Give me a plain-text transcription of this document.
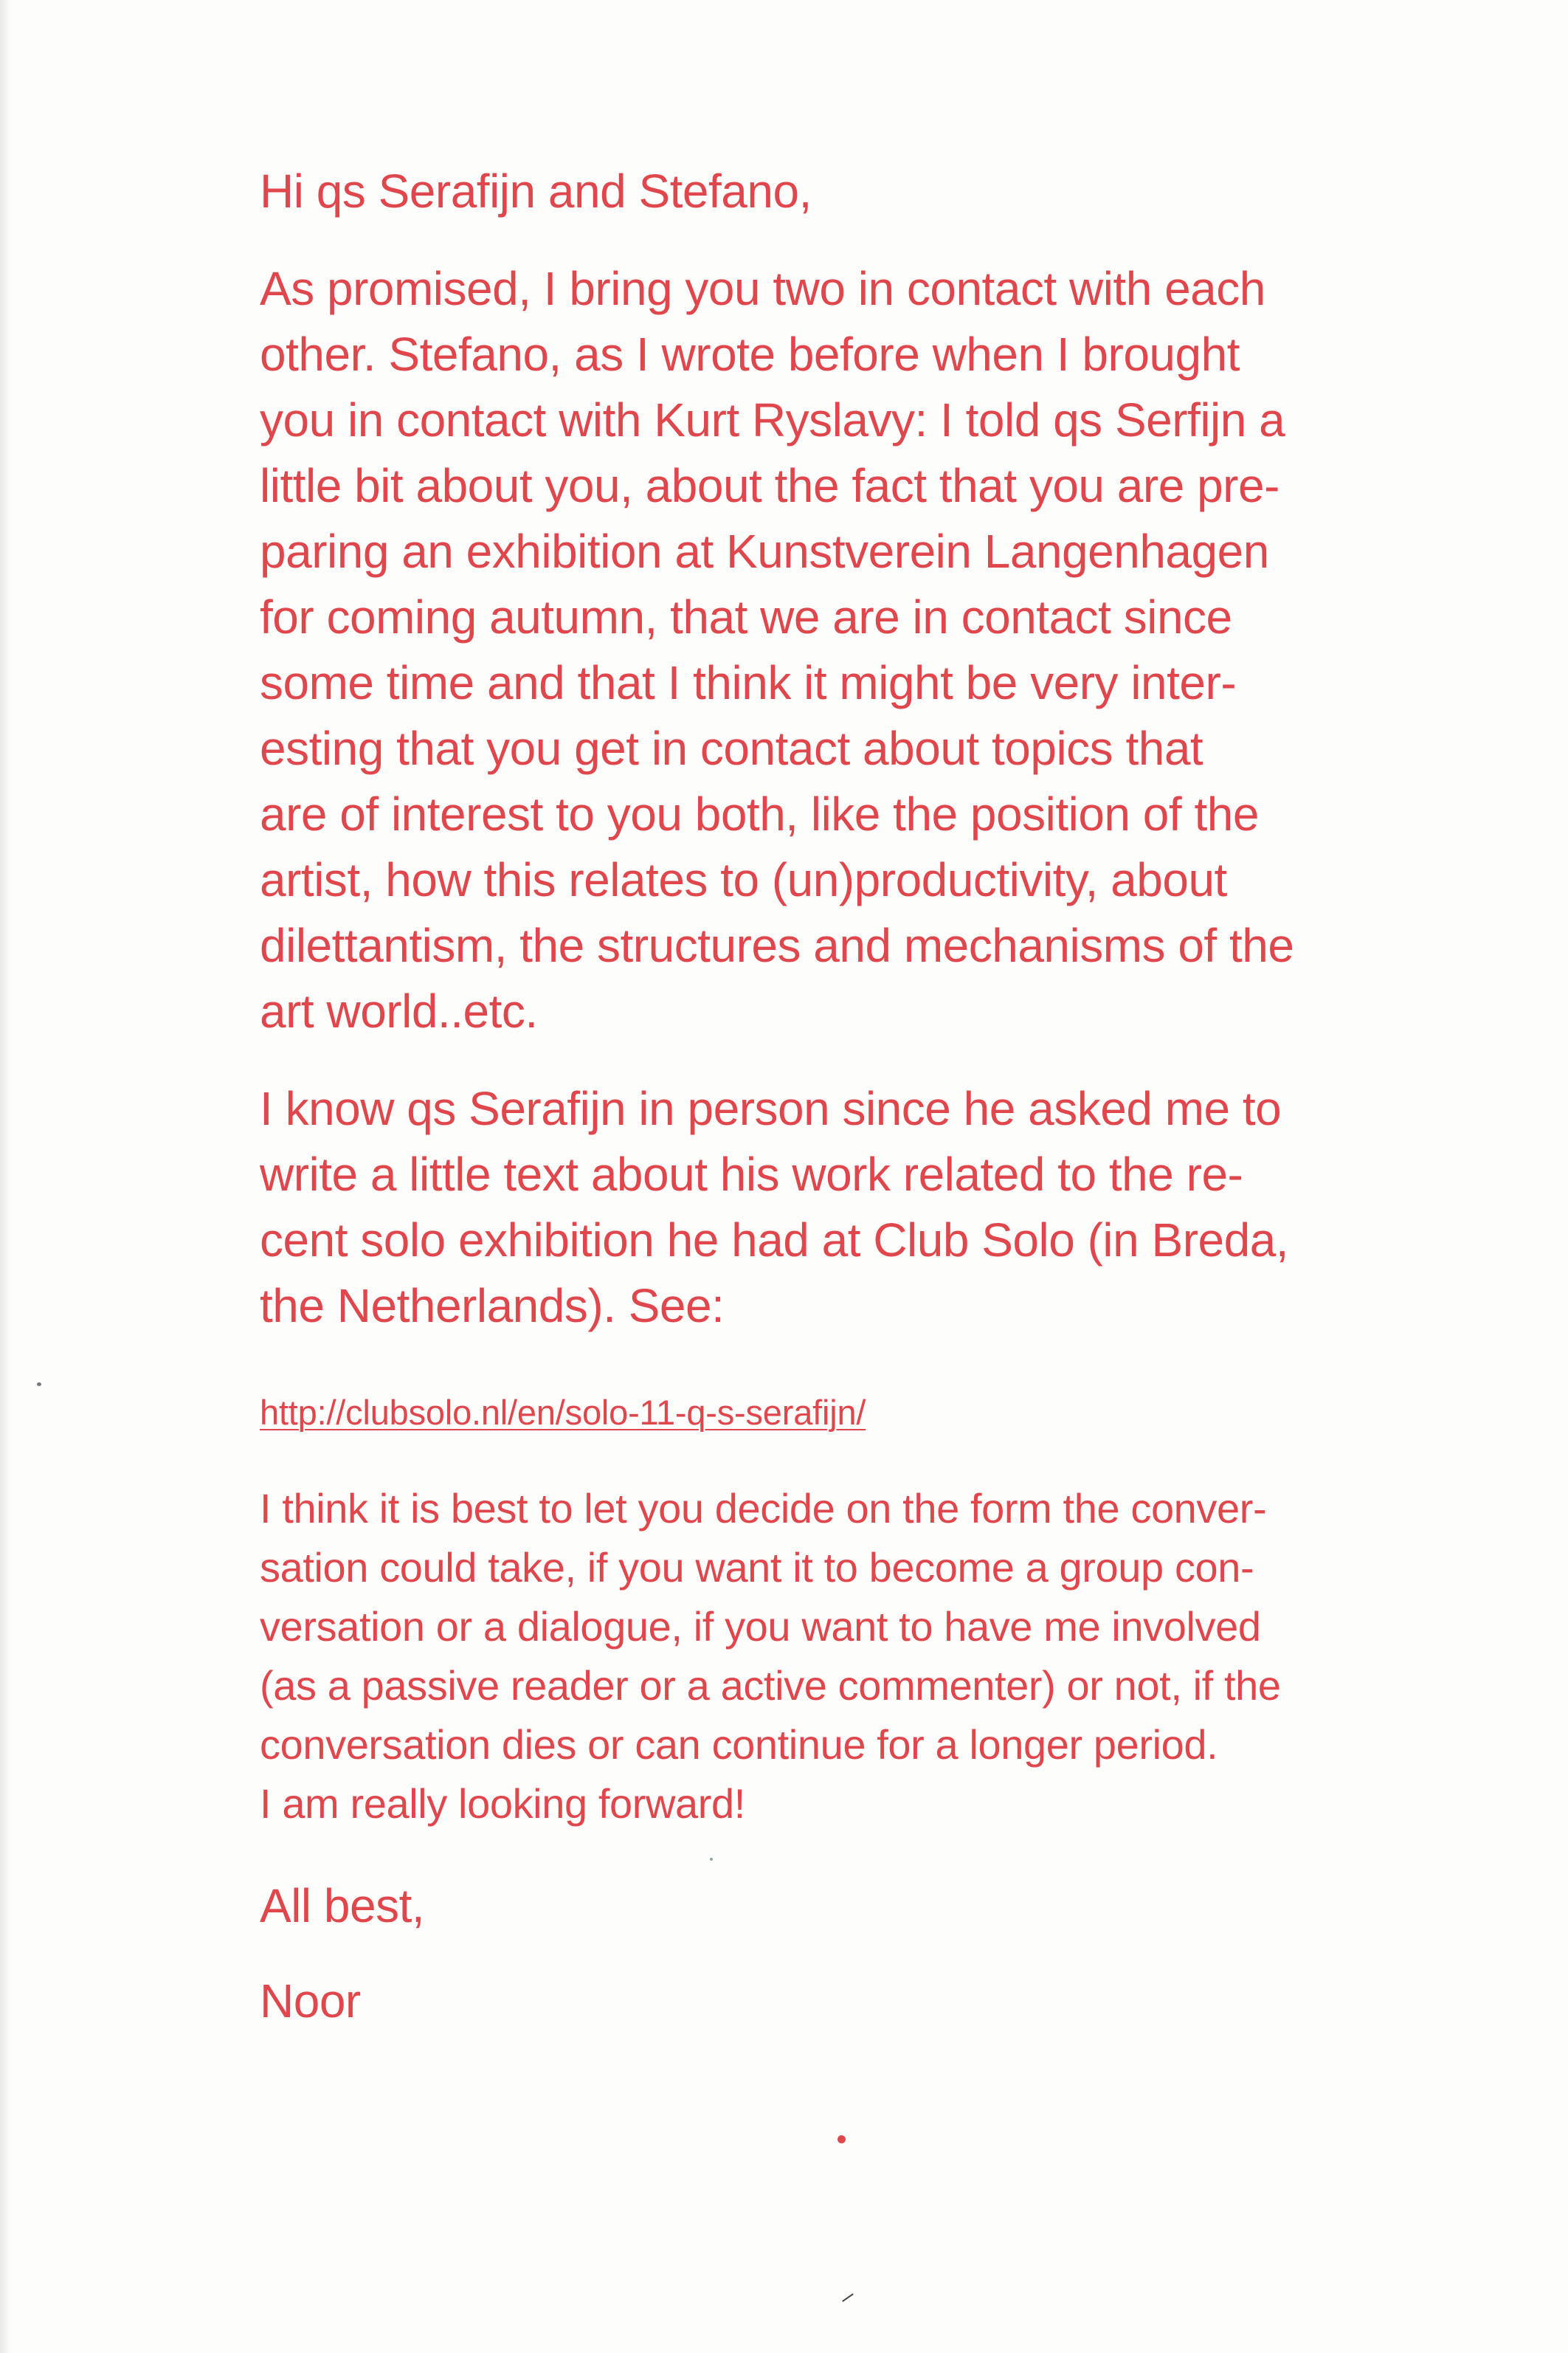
Hi qs Serafijn and Stefano,

As promised, I bring you two in contact with each
other. Stefano, as I wrote before when I brought
you in contact with Kurt Ryslavy: I told qs Serfijn a
little bit about you, about the fact that you are pre-
paring an exhibition at Kunstverein Langenhagen
for coming autumn, that we are in contact since
some time and that I think it might be very inter-
esting that you get in contact about topics that
are of interest to you both, like the position of the
artist, how this relates to (un)productivity, about
dilettantism, the structures and mechanisms of the
art world..etc.

I know qs Serafijn in person since he asked me to
write a little text about his work related to the re-
cent solo exhibition he had at Club Solo (in Breda,
the Netherlands). See:

http://clubsolo.nl/en/solo-11-q-s-serafijn/

I think it is best to let you decide on the form the conver-
sation could take, if you want it to become a group con-
versation or a dialogue, if you want to have me involved
(as a passive reader or a active commenter) or not, if the
conversation dies or can continue for a longer period.
I am really looking forward!

All best,

Noor
